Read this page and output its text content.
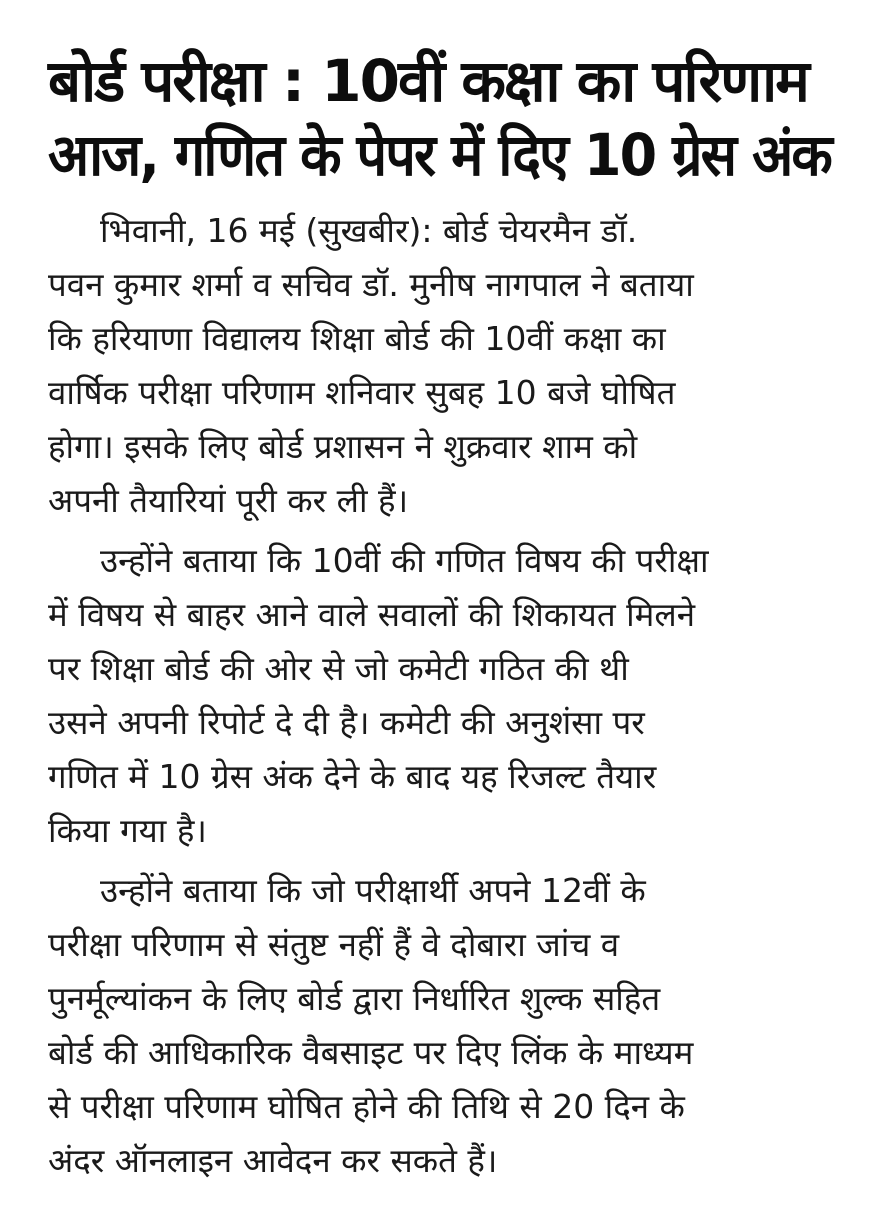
बोर्ड परीक्षा : 10वीं कक्षा का परिणाम
आज, गणित के पेपर में दिए 10 ग्रेस अंक

भिवानी, 16 मई (सुखबीर): बोर्ड चेयरमैन डॉ.
पवन कुमार शर्मा व सचिव डॉ. मुनीष नागपाल ने बताया
कि हरियाणा विद्यालय शिक्षा बोर्ड की 10वीं कक्षा का
वार्षिक परीक्षा परिणाम शनिवार सुबह 10 बजे घोषित
होगा। इसके लिए बोर्ड प्रशासन ने शुक्रवार शाम को
अपनी तैयारियां पूरी कर ली हैं।

उन्होंने बताया कि 10वीं की गणित विषय की परीक्षा
में विषय से बाहर आने वाले सवालों की शिकायत मिलने
पर शिक्षा बोर्ड की ओर से जो कमेटी गठित की थी
उसने अपनी रिपोर्ट दे दी है। कमेटी की अनुशंसा पर
गणित में 10 ग्रेस अंक देने के बाद यह रिजल्ट तैयार
किया गया है।

उन्होंने बताया कि जो परीक्षार्थी अपने 12वीं के
परीक्षा परिणाम से संतुष्ट नहीं हैं वे दोबारा जांच व
पुनर्मूल्यांकन के लिए बोर्ड द्वारा निर्धारित शुल्क सहित
बोर्ड की आधिकारिक वैबसाइट पर दिए लिंक के माध्यम
से परीक्षा परिणाम घोषित होने की तिथि से 20 दिन के
अंदर ऑनलाइन आवेदन कर सकते हैं।
